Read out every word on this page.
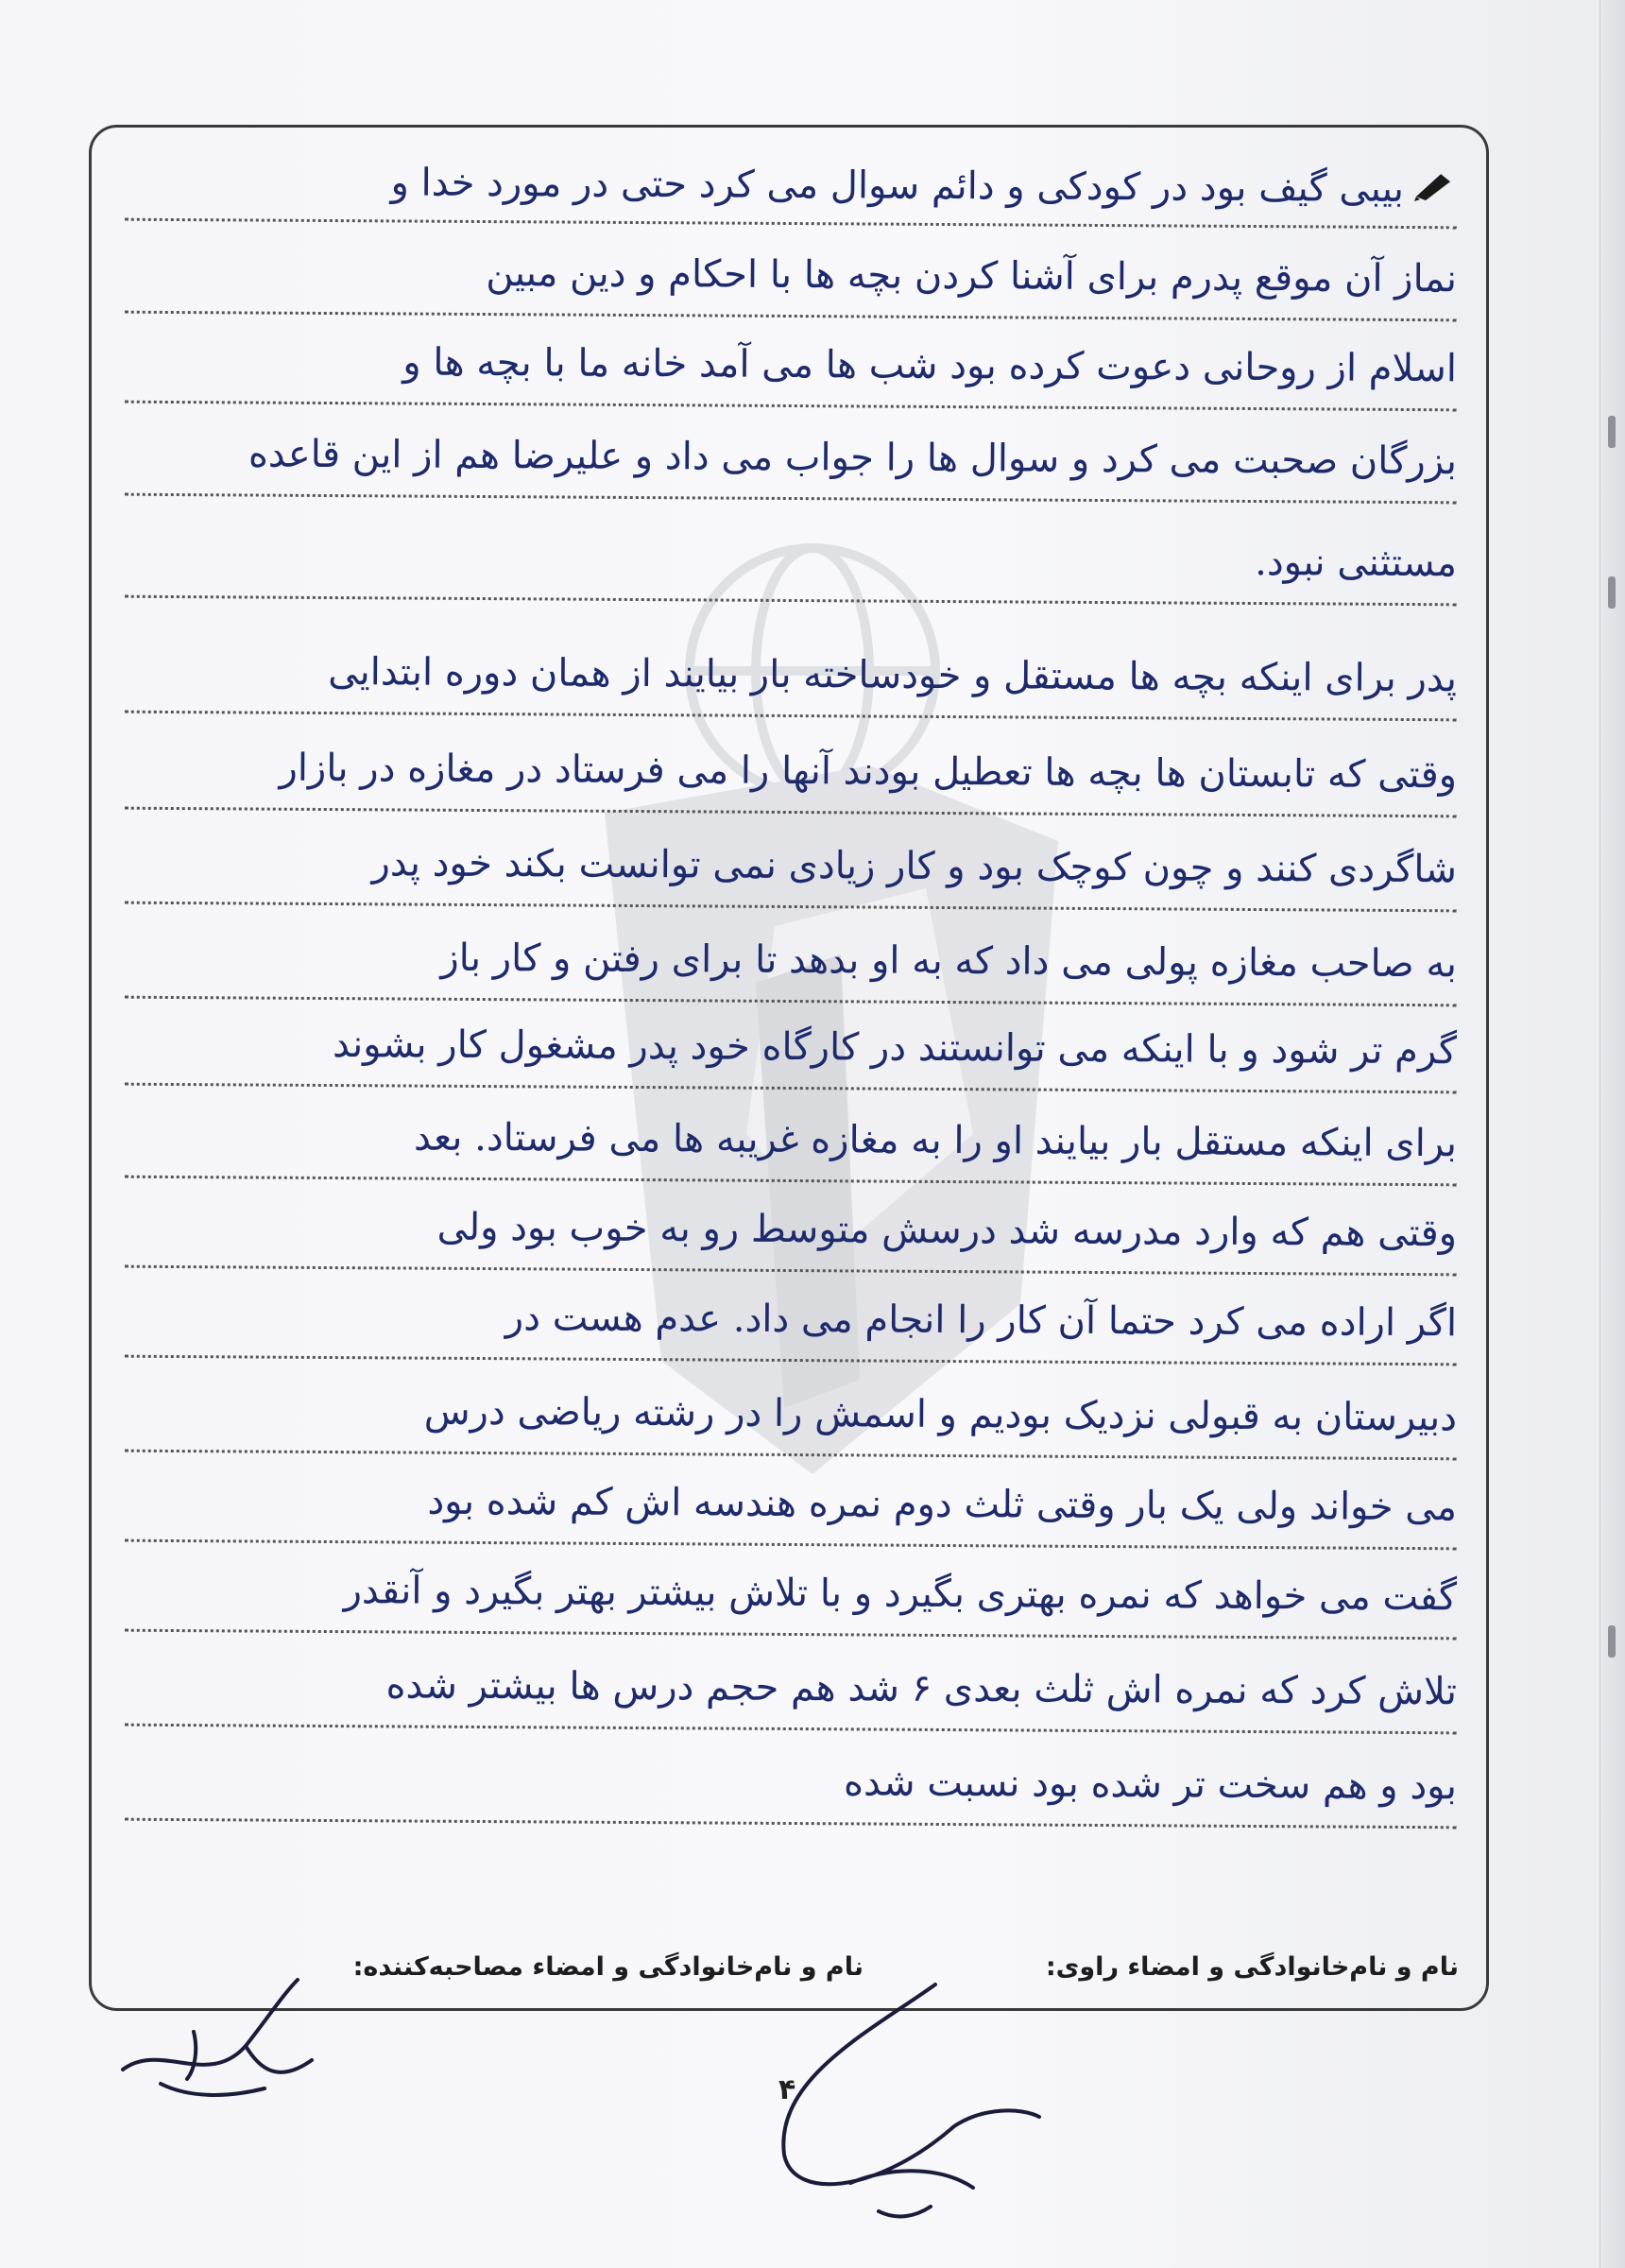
بیبی گیف بود در کودکی و دائم سوال می کرد حتی در مورد خدا و
نماز آن موقع پدرم برای آشنا کردن بچه ها با احکام و دین مبین
اسلام از روحانی دعوت کرده بود شب ها می آمد خانه ما با بچه ها و
بزرگان صحبت می کرد و سوال ها را جواب می داد و علیرضا هم از این قاعده
مستثنی نبود.
پدر برای اینکه بچه ها مستقل و خودساخته بار بیایند از همان دوره ابتدایی
وقتی که تابستان ها بچه ها تعطیل بودند آنها را می فرستاد در مغازه در بازار
شاگردی کنند و چون کوچک بود و کار زیادی نمی توانست بکند خود پدر
به صاحب مغازه پولی می داد که به او بدهد تا برای رفتن و کار باز
گرم تر شود و با اینکه می توانستند در کارگاه خود پدر مشغول کار بشوند
برای اینکه مستقل بار بیایند او را به مغازه غریبه ها می فرستاد. بعد
وقتی هم که وارد مدرسه شد درسش متوسط رو به خوب بود ولی
اگر اراده می کرد حتما آن کار را انجام می داد. عدم هست در
دبیرستان به قبولی نزدیک بودیم و اسمش را در رشته ریاضی درس
می خواند ولی یک بار وقتی ثلث دوم نمره هندسه اش کم شده بود
گفت می خواهد که نمره بهتری بگیرد و با تلاش بیشتر بهتر بگیرد و آنقدر
تلاش کرد که نمره اش ثلث بعدی ۶ شد هم حجم درس ها بیشتر شده
بود و هم سخت تر شده بود نسبت شده
نام و نام‌خانوادگی و امضاء راوی:
نام و نام‌خانوادگی و امضاء مصاحبه‌کننده:
۴
